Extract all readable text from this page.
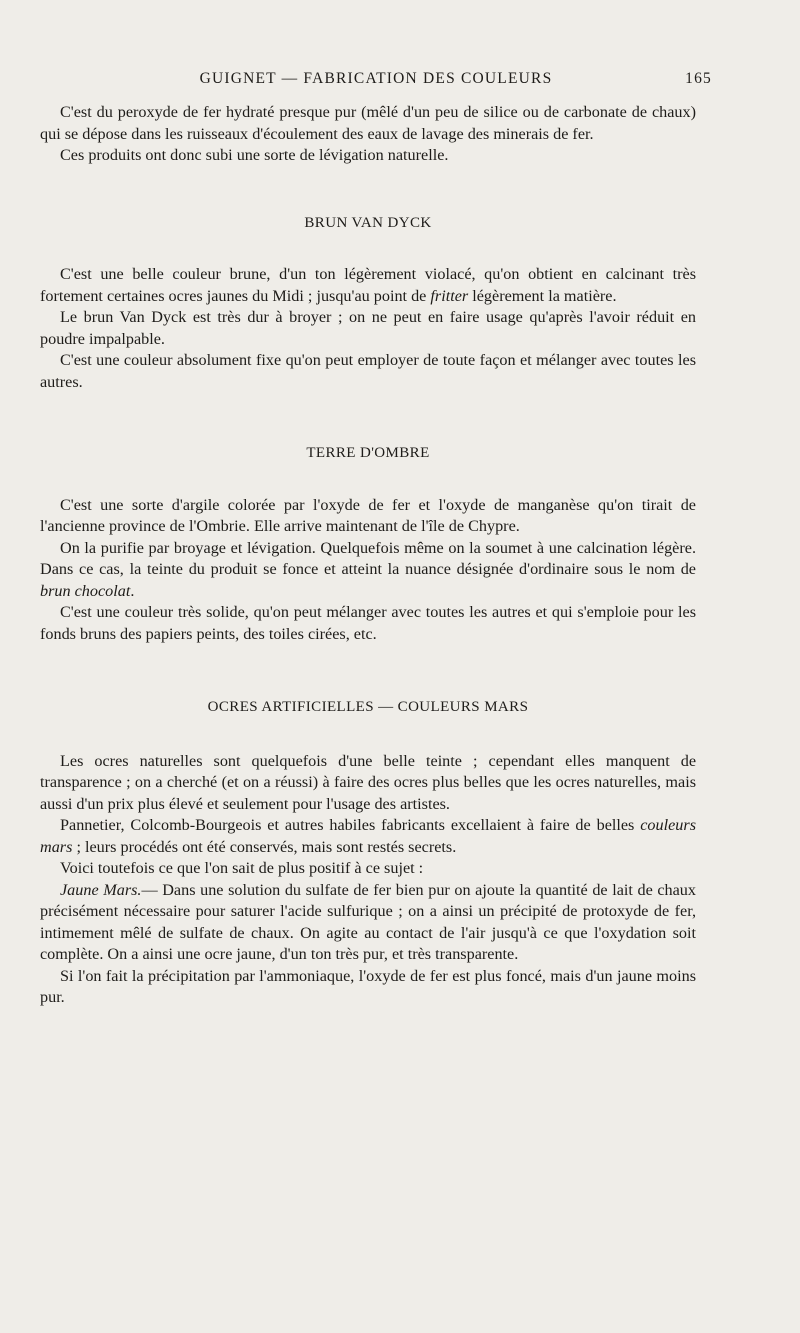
GUIGNET — FABRICATION DES COULEURS	165

C'est du peroxyde de fer hydraté presque pur (mêlé d'un peu de silice ou de carbonate de chaux) qui se dépose dans les ruisseaux d'écoulement des eaux de lavage des minerais de fer.

Ces produits ont donc subi une sorte de lévigation naturelle.

BRUN VAN DYCK

C'est une belle couleur brune, d'un ton légèrement violacé, qu'on obtient en calcinant très fortement certaines ocres jaunes du Midi ; jusqu'au point de fritter légèrement la matière.

Le brun Van Dyck est très dur à broyer ; on ne peut en faire usage qu'après l'avoir réduit en poudre impalpable.

C'est une couleur absolument fixe qu'on peut employer de toute façon et mélanger avec toutes les autres.

TERRE D'OMBRE

C'est une sorte d'argile colorée par l'oxyde de fer et l'oxyde de manganèse qu'on tirait de l'ancienne province de l'Ombrie. Elle arrive maintenant de l'île de Chypre.

On la purifie par broyage et lévigation. Quelquefois même on la soumet à une calcination légère. Dans ce cas, la teinte du produit se fonce et atteint la nuance désignée d'ordinaire sous le nom de brun chocolat.

C'est une couleur très solide, qu'on peut mélanger avec toutes les autres et qui s'emploie pour les fonds bruns des papiers peints, des toiles cirées, etc.

OCRES ARTIFICIELLES — COULEURS MARS

Les ocres naturelles sont quelquefois d'une belle teinte ; cependant elles manquent de transparence ; on a cherché (et on a réussi) à faire des ocres plus belles que les ocres naturelles, mais aussi d'un prix plus élevé et seulement pour l'usage des artistes.

Pannetier, Colcomb-Bourgeois et autres habiles fabricants excellaient à faire de belles couleurs mars ; leurs procédés ont été conservés, mais sont restés secrets.

Voici toutefois ce que l'on sait de plus positif à ce sujet :

Jaune Mars.— Dans une solution du sulfate de fer bien pur on ajoute la quantité de lait de chaux précisément nécessaire pour saturer l'acide sulfurique ; on a ainsi un précipité de protoxyde de fer, intimement mêlé de sulfate de chaux. On agite au contact de l'air jusqu'à ce que l'oxydation soit complète. On a ainsi une ocre jaune, d'un ton très pur, et très transparente.

Si l'on fait la précipitation par l'ammoniaque, l'oxyde de fer est plus foncé, mais d'un jaune moins pur.
